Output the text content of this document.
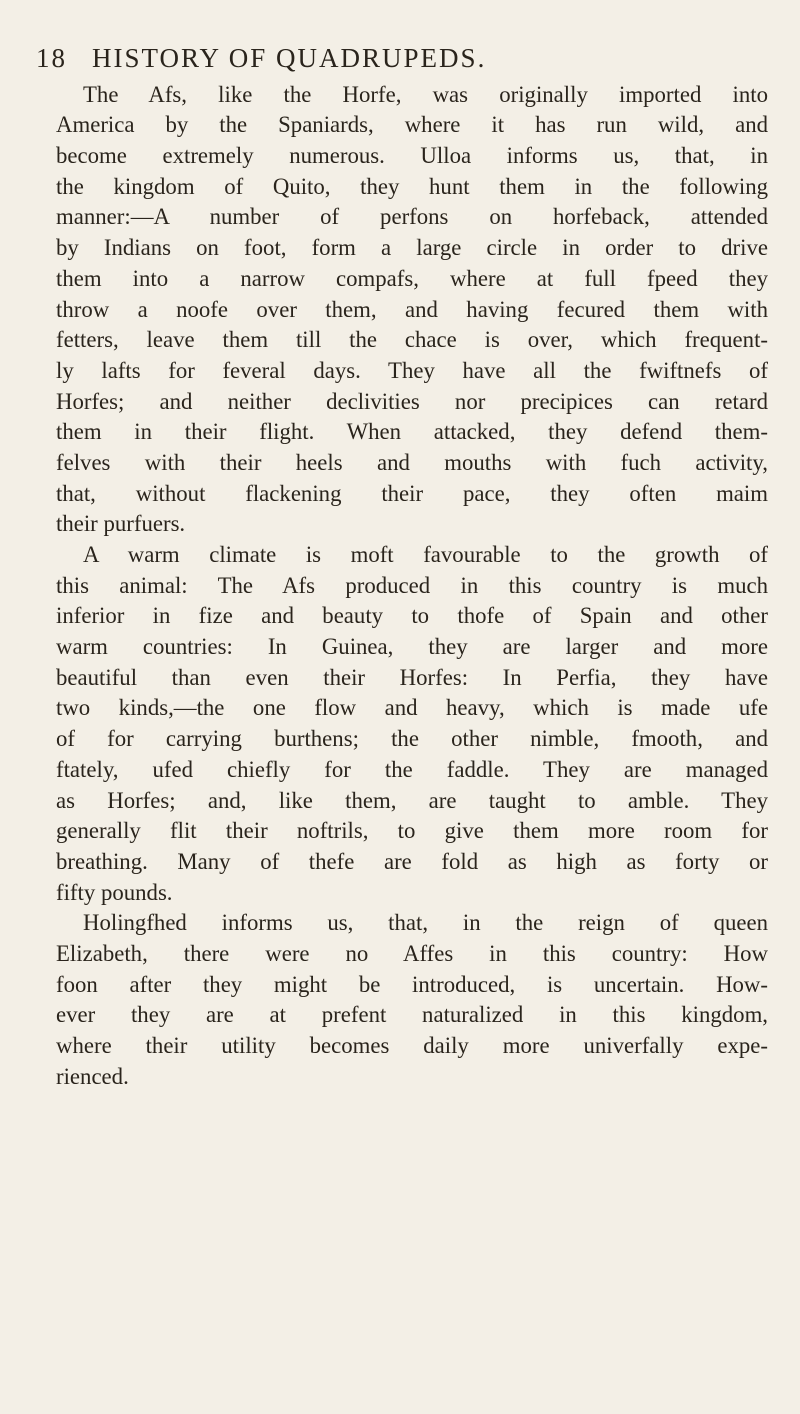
18 HISTORY OF QUADRUPEDS.
The Afs, like the Horfe, was originally imported into
America by the Spaniards, where it has run wild, and
become extremely numerous. Ulloa informs us, that, in
the kingdom of Quito, they hunt them in the following
manner:—A number of perfons on horfeback, attended
by Indians on foot, form a large circle in order to drive
them into a narrow compafs, where at full fpeed they
throw a noofe over them, and having fecured them with
fetters, leave them till the chace is over, which frequent-
ly lafts for feveral days. They have all the fwiftnefs of
Horfes; and neither declivities nor precipices can retard
them in their flight. When attacked, they defend them-
felves with their heels and mouths with fuch activity,
that, without flackening their pace, they often maim
their purfuers.
A warm climate is moft favourable to the growth of
this animal: The Afs produced in this country is much
inferior in fize and beauty to thofe of Spain and other
warm countries: In Guinea, they are larger and more
beautiful than even their Horfes: In Perfia, they have
two kinds,—the one flow and heavy, which is made ufe
of for carrying burthens; the other nimble, fmooth, and
ftately, ufed chiefly for the faddle. They are managed
as Horfes; and, like them, are taught to amble. They
generally flit their noftrils, to give them more room for
breathing. Many of thefe are fold as high as forty or
fifty pounds.
Holingfhed informs us, that, in the reign of queen
Elizabeth, there were no Affes in this country: How
foon after they might be introduced, is uncertain. How-
ever they are at prefent naturalized in this kingdom,
where their utility becomes daily more univerfally expe-
rienced.
